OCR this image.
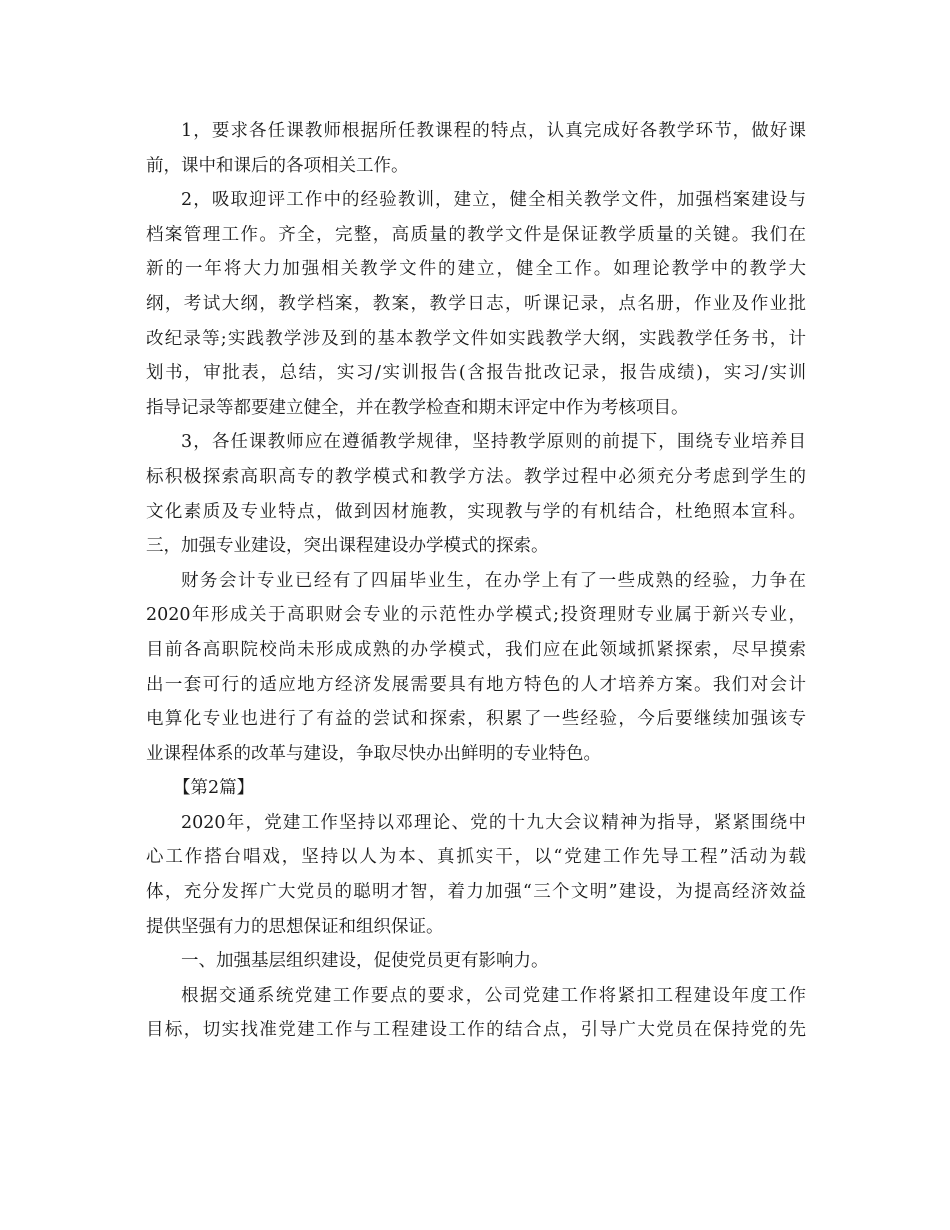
1，要求各任课教师根据所任教课程的特点，认真完成好各教学环节，做好课
前，课中和课后的各项相关工作。
2，吸取迎评工作中的经验教训，建立，健全相关教学文件，加强档案建设与
档案管理工作。齐全，完整，高质量的教学文件是保证教学质量的关键。我们在
新的一年将大力加强相关教学文件的建立，健全工作。如理论教学中的教学大
纲，考试大纲，教学档案，教案，教学日志，听课记录，点名册，作业及作业批
改纪录等;实践教学涉及到的基本教学文件如实践教学大纲，实践教学任务书，计
划书，审批表，总结，实习/实训报告(含报告批改记录，报告成绩)，实习/实训
指导记录等都要建立健全，并在教学检查和期末评定中作为考核项目。
3，各任课教师应在遵循教学规律，坚持教学原则的前提下，围绕专业培养目
标积极探索高职高专的教学模式和教学方法。教学过程中必须充分考虑到学生的
文化素质及专业特点，做到因材施教，实现教与学的有机结合，杜绝照本宣科。
三，加强专业建设，突出课程建设办学模式的探索。
财务会计专业已经有了四届毕业生，在办学上有了一些成熟的经验，力争在
2020年形成关于高职财会专业的示范性办学模式;投资理财专业属于新兴专业，
目前各高职院校尚未形成成熟的办学模式，我们应在此领域抓紧探索，尽早摸索
出一套可行的适应地方经济发展需要具有地方特色的人才培养方案。我们对会计
电算化专业也进行了有益的尝试和探索，积累了一些经验，今后要继续加强该专
业课程体系的改革与建设，争取尽快办出鲜明的专业特色。
【第2篇】
2020年，党建工作坚持以邓理论、党的十九大会议精神为指导，紧紧围绕中
心工作搭台唱戏，坚持以人为本、真抓实干，以“党建工作先导工程”活动为载
体，充分发挥广大党员的聪明才智，着力加强“三个文明”建设，为提高经济效益
提供坚强有力的思想保证和组织保证。
一、加强基层组织建设，促使党员更有影响力。
根据交通系统党建工作要点的要求，公司党建工作将紧扣工程建设年度工作
目标，切实找准党建工作与工程建设工作的结合点，引导广大党员在保持党的先
